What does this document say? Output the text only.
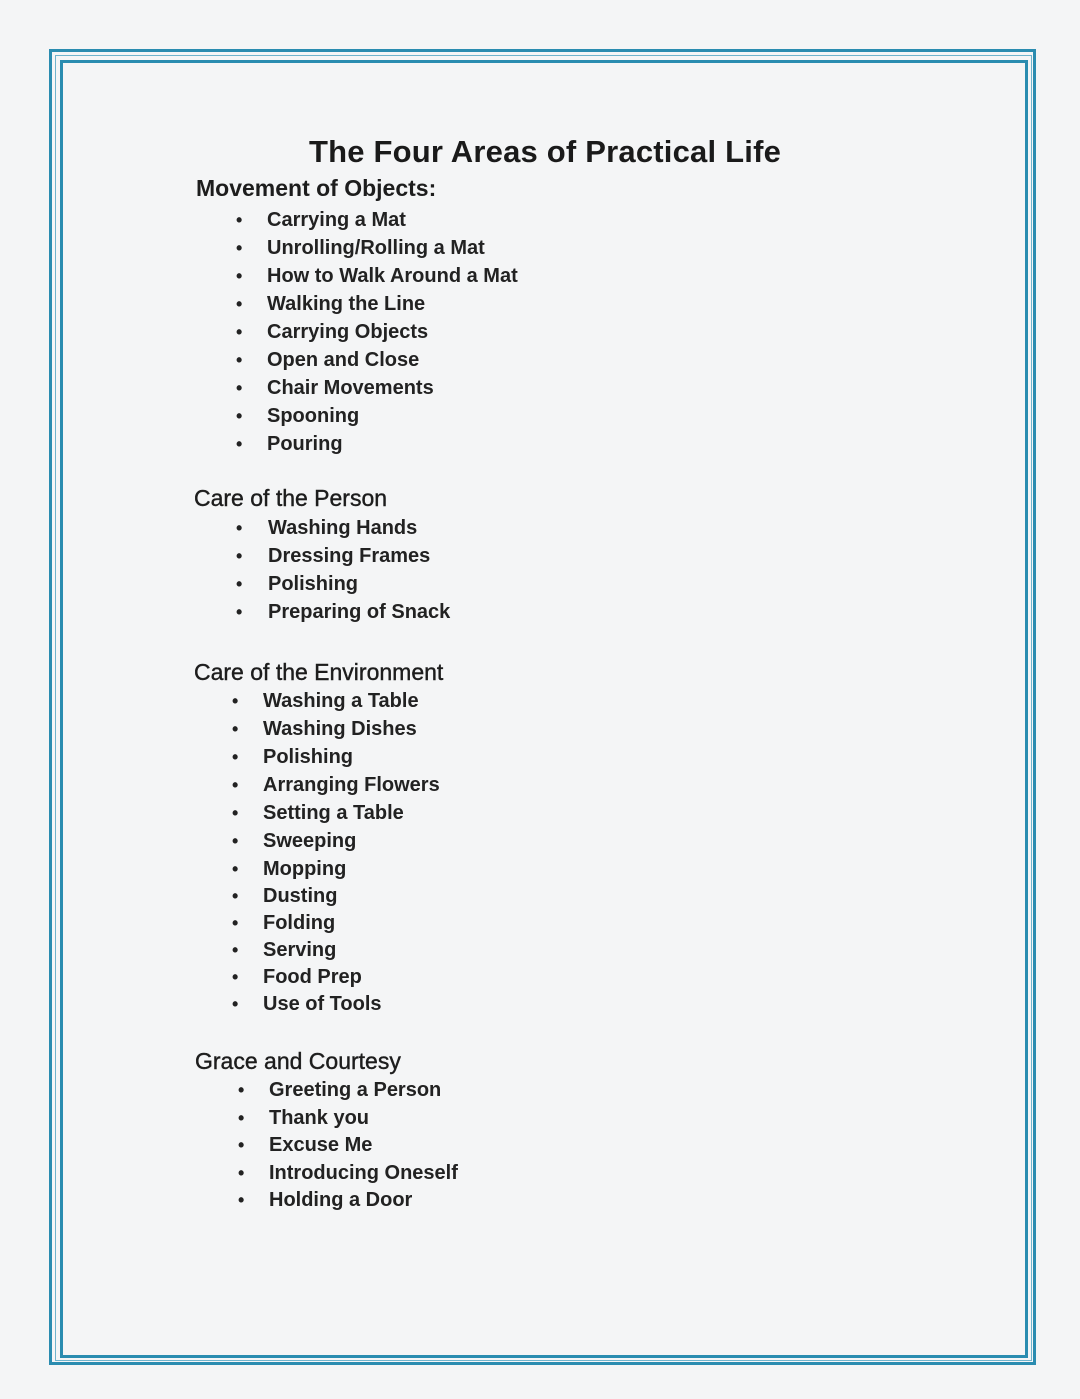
The Four Areas of Practical Life
Movement of Objects:
• Carrying a Mat
• Unrolling/Rolling a Mat
• How to Walk Around a Mat
• Walking the Line
• Carrying Objects
• Open and Close
• Chair Movements
• Spooning
• Pouring
Care of the Person
• Washing Hands
• Dressing Frames
• Polishing
• Preparing of Snack
Care of the Environment
• Washing a Table
• Washing Dishes
• Polishing
• Arranging Flowers
• Setting a Table
• Sweeping
• Mopping
• Dusting
• Folding
• Serving
• Food Prep
• Use of Tools
Grace and Courtesy
• Greeting a Person
• Thank you
• Excuse Me
• Introducing Oneself
• Holding a Door
